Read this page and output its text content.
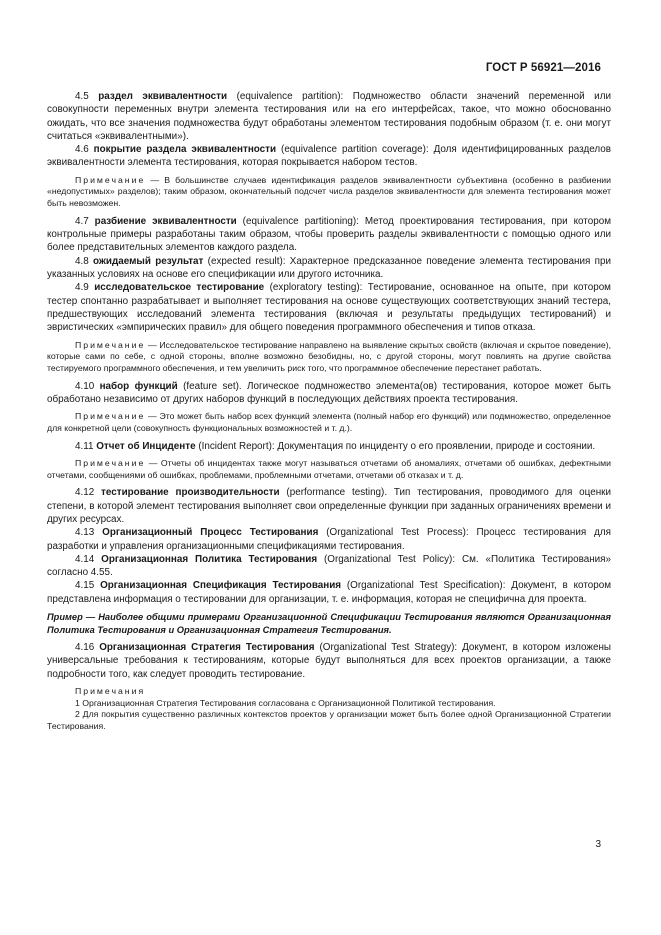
ГОСТ Р 56921—2016

4.5 раздел эквивалентности (equivalence partition): Подмножество области значений переменной или совокупности переменных внутри элемента тестирования или на его интерфейсах, такое, что можно обоснованно ожидать, что все значения подмножества будут обработаны элементом тестирования подобным образом (т. е. они могут считаться «эквивалентными»).

4.6 покрытие раздела эквивалентности (equivalence partition coverage): Доля идентифицированных разделов эквивалентности элемента тестирования, которая покрывается набором тестов.

Примечание — В большинстве случаев идентификация разделов эквивалентности субъективна (особенно в разбиении «недопустимых» разделов); таким образом, окончательный подсчет числа разделов эквивалентности для элемента тестирования может быть невозможен.

4.7 разбиение эквивалентности (equivalence partitioning): Метод проектирования тестирования, при котором контрольные примеры разработаны таким образом, чтобы проверить разделы эквивалентности с помощью одного или более представительных элементов каждого раздела.

4.8 ожидаемый результат (expected result): Характерное предсказанное поведение элемента тестирования при указанных условиях на основе его спецификации или другого источника.

4.9 исследовательское тестирование (exploratory testing): Тестирование, основанное на опыте, при котором тестер спонтанно разрабатывает и выполняет тестирования на основе существующих соответствующих знаний тестера, предшествующих исследований элемента тестирования (включая и результаты предыдущих тестирований) и эвристических «эмпирических правил» для общего поведения программного обеспечения и типов отказа.

Примечание — Исследовательское тестирование направлено на выявление скрытых свойств (включая и скрытое поведение), которые сами по себе, с одной стороны, вполне возможно безобидны, но, с другой стороны, могут повлиять на другие свойства тестируемого программного обеспечения, и тем увеличить риск того, что программное обеспечение перестанет работать.

4.10 набор функций (feature set). Логическое подмножество элемента(ов) тестирования, которое может быть обработано независимо от других наборов функций в последующих действиях проекта тестирования.

Примечание — Это может быть набор всех функций элемента (полный набор его функций) или подмножество, определенное для конкретной цели (совокупность функциональных возможностей и т. д.).

4.11 Отчет об Инциденте (Incident Report): Документация по инциденту о его проявлении, природе и состоянии.

Примечание — Отчеты об инцидентах также могут называться отчетами об аномалиях, отчетами об ошибках, дефектными отчетами, сообщениями об ошибках, проблемами, проблемными отчетами, отчетами об отказах и т. д.

4.12 тестирование производительности (performance testing). Тип тестирования, проводимого для оценки степени, в которой элемент тестирования выполняет свои определенные функции при заданных ограничениях времени и других ресурсах.

4.13 Организационный Процесс Тестирования (Organizational Test Process): Процесс тестирования для разработки и управления организационными спецификациями тестирования.

4.14 Организационная Политика Тестирования (Organizational Test Policy): См. «Политика Тестирования» согласно 4.55.

4.15 Организационная Спецификация Тестирования (Organizational Test Specification): Документ, в котором представлена информация о тестировании для организации, т. е. информация, которая не специфична для проекта.

Пример — Наиболее общими примерами Организационной Спецификации Тестирования являются Организационная Политика Тестирования и Организационная Стратегия Тестирования.

4.16 Организационная Стратегия Тестирования (Organizational Test Strategy): Документ, в котором изложены универсальные требования к тестированиям, которые будут выполняться для всех проектов организации, а также подробности того, как следует проводить тестирование.

Примечания

1 Организационная Стратегия Тестирования согласована с Организационной Политикой тестирования.

2 Для покрытия существенно различных контекстов проектов у организации может быть более одной Организационной Стратегии Тестирования.

3
